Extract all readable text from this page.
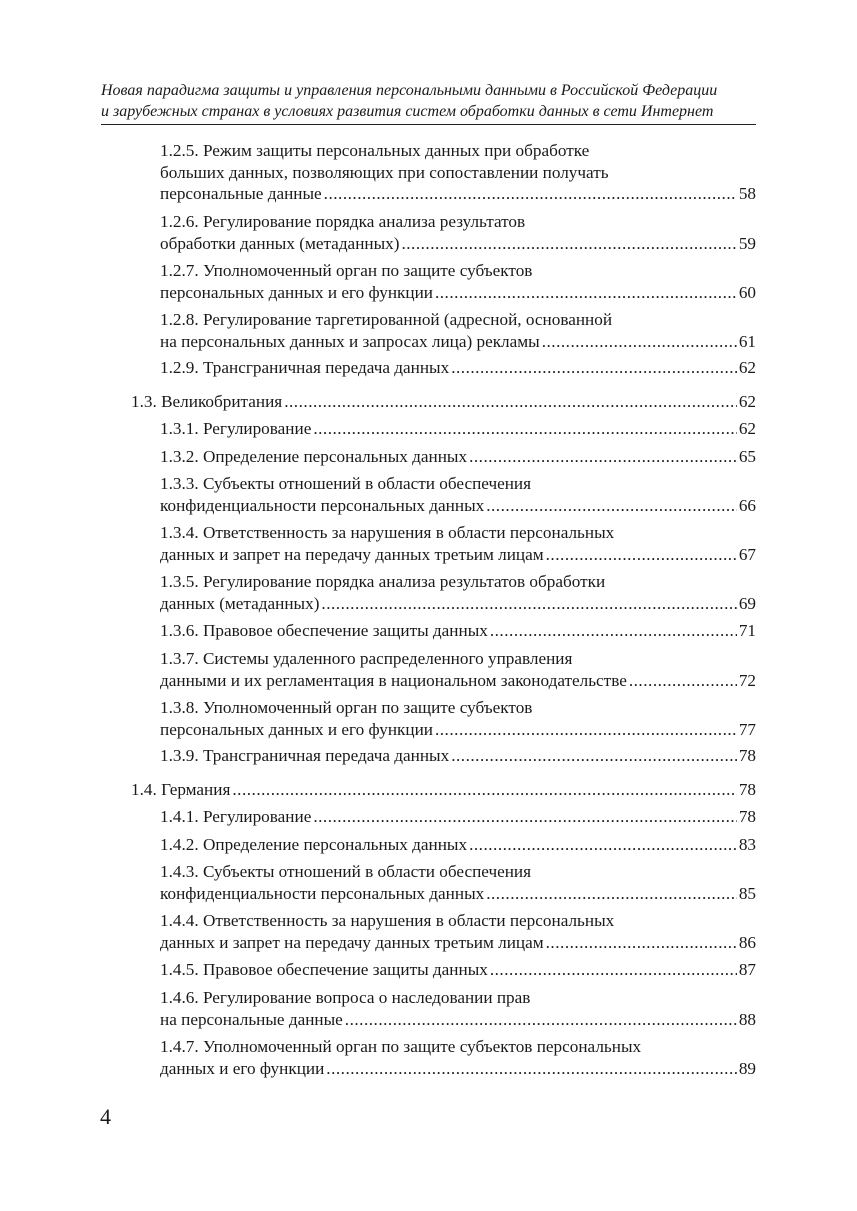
Новая парадигма защиты и управления персональными данными в Российской Федерации
и зарубежных странах в условиях развития систем обработки данных в сети Интернет
1.2.5. Режим защиты персональных данных при обработке
больших данных, позволяющих при сопоставлении получать
персональные данные . . .	58
1.2.6. Регулирование порядка анализа результатов
обработки данных (метаданных) . . .	59
1.2.7. Уполномоченный орган по защите субъектов
персональных данных и его функции . . .	60
1.2.8. Регулирование таргетированной (адресной, основанной
на персональных данных и запросах лица) рекламы . . .	61
1.2.9. Трансграничная передача данных . . .	62
1.3. Великобритания . . .	62
1.3.1. Регулирование . . .	62
1.3.2. Определение персональных данных . . .	65
1.3.3. Субъекты отношений в области обеспечения
конфиденциальности персональных данных . . .	66
1.3.4. Ответственность за нарушения в области персональных
данных и запрет на передачу данных третьим лицам . . .	67
1.3.5. Регулирование порядка анализа результатов обработки
данных (метаданных) . . .	69
1.3.6. Правовое обеспечение защиты данных . . .	71
1.3.7. Системы удаленного распределенного управления
данными и их регламентация в национальном законодательстве . . .	72
1.3.8. Уполномоченный орган по защите субъектов
персональных данных и его функции . . .	77
1.3.9. Трансграничная передача данных . . .	78
1.4. Германия . . .	78
1.4.1. Регулирование . . .	78
1.4.2. Определение персональных данных . . .	83
1.4.3. Субъекты отношений в области обеспечения
конфиденциальности персональных данных . . .	85
1.4.4. Ответственность за нарушения в области персональных
данных и запрет на передачу данных третьим лицам . . .	86
1.4.5. Правовое обеспечение защиты данных . . .	87
1.4.6. Регулирование вопроса о наследовании прав
на персональные данные . . .	88
1.4.7. Уполномоченный орган по защите субъектов персональных
данных и его функции . . .	89
4
